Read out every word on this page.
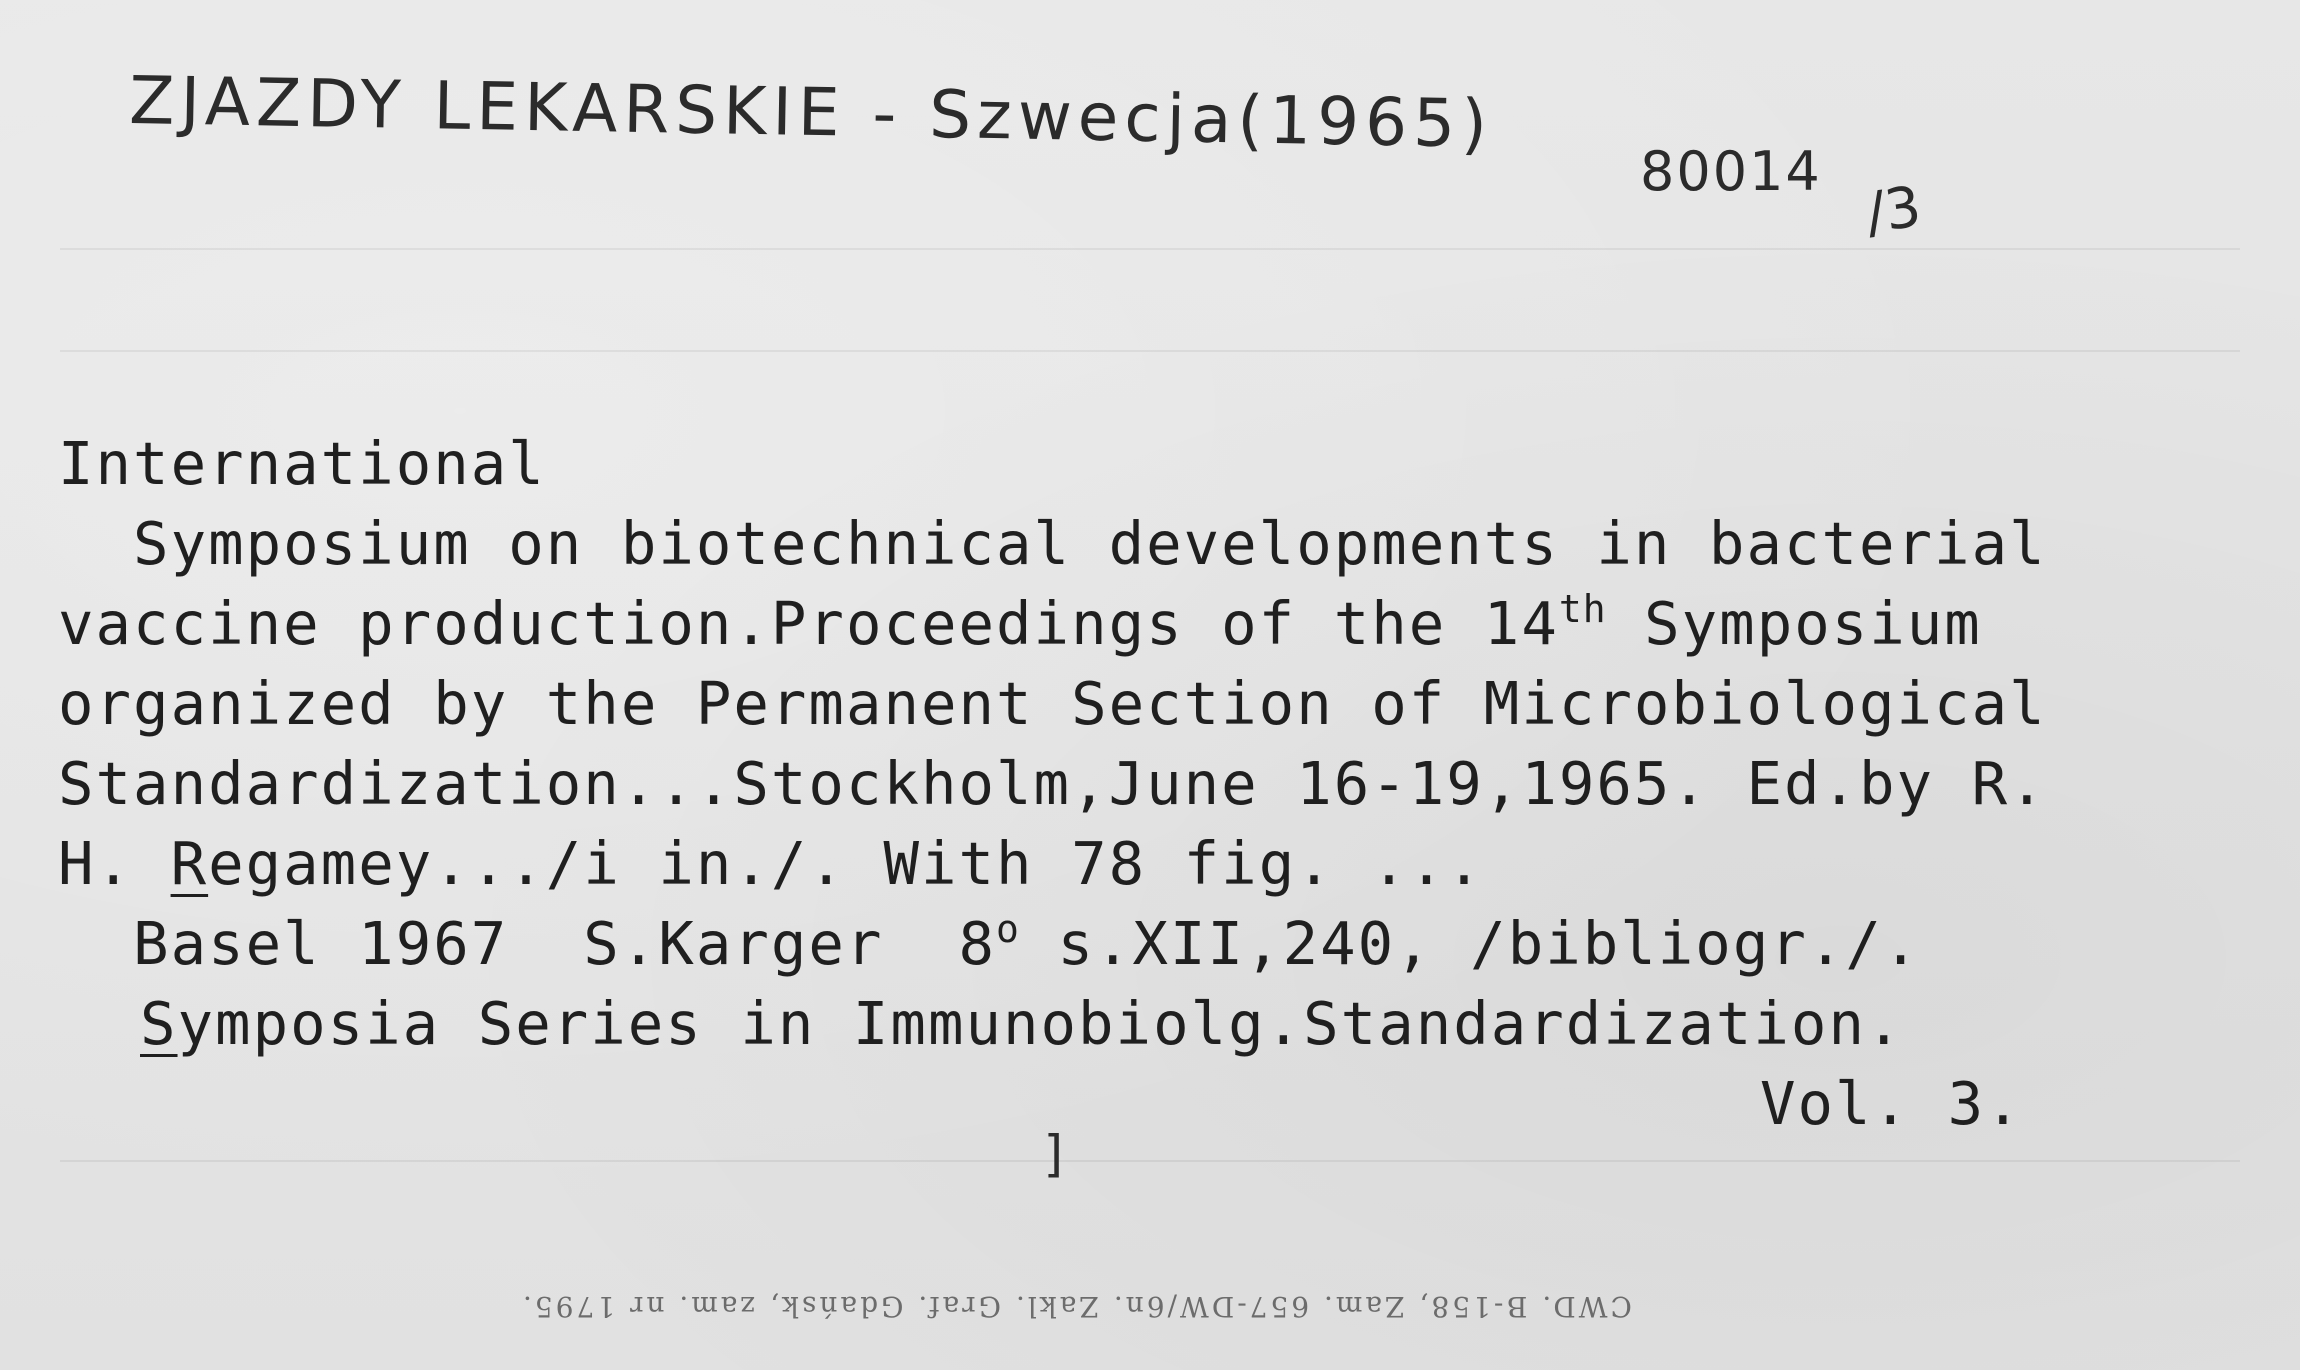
ZJAZDY LEKARSKIE - Szwecja(1965)
80014
/3
International
Symposium on biotechnical developments in bacterial
vaccine production.Proceedings of the 14th Symposium
organized by the Permanent Section of Microbiological
Standardization...Stockholm,June 16-19,1965. Ed.by R.
H. Regamey.../i in./. With 78 fig. ...
Basel 1967  S.Karger  8$^o$ s.XII,240, /bibliogr./.
Symposia Series in Immunobiolg.Standardization.
Vol. 3.
]
CWD. B-158, Zam. 657-DW/6n. Zakl. Graf. Gdańsk, zam. nr 1795.
